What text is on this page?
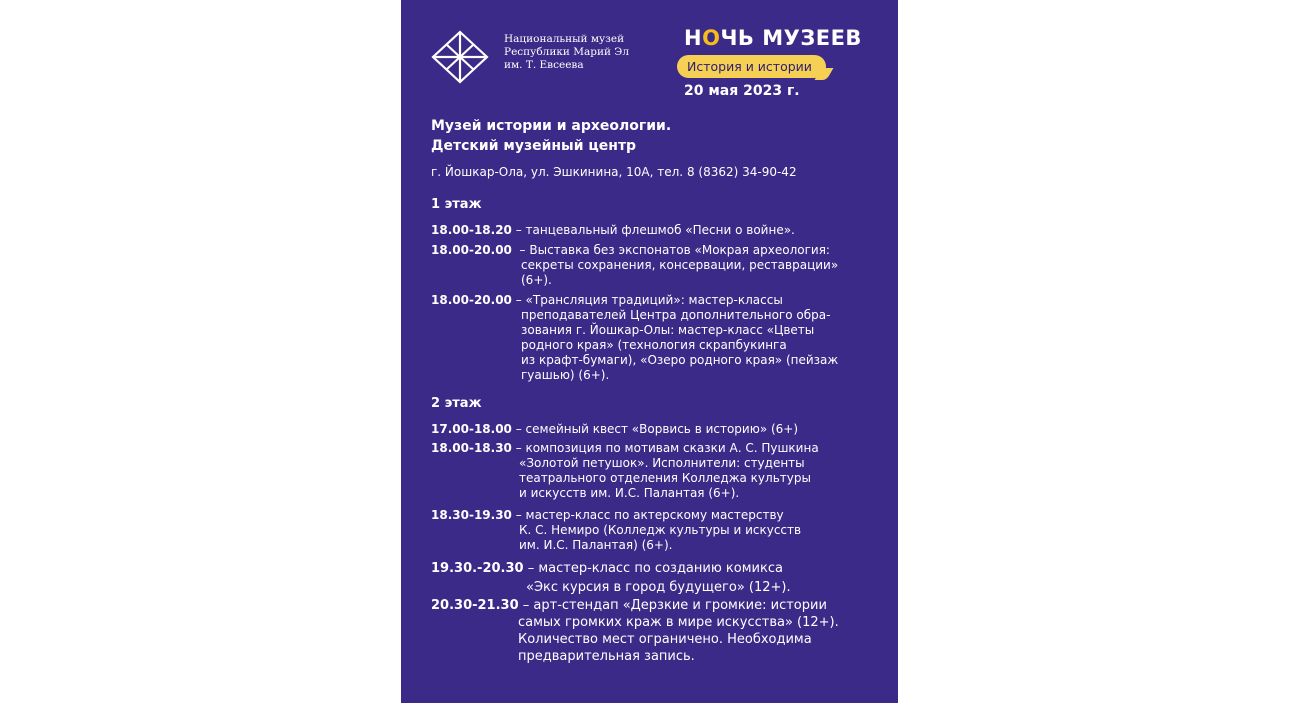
Национальный музей
Республики Марий Эл
им. Т. Евсеева
НОЧЬ МУЗЕЕВ
История и истории
20 мая 2023 г.
Музей истории и археологии.
Детский музейный центр
г. Йошкар-Ола, ул. Эшкинина, 10А, тел. 8 (8362) 34-90-42
1 этаж
18.00-18.20 – танцевальный флешмоб «Песни о войне».
18.00-20.00 – Выставка без экспонатов «Мокрая археология:
секреты сохранения, консервации, реставрации»
(6+).
18.00-20.00 – «Трансляция традиций»: мастер-классы
преподавателей Центра дополнительного обра-
зования г. Йошкар-Олы: мастер-класс «Цветы
родного края» (технология скрапбукинга
из крафт-бумаги), «Озеро родного края» (пейзаж
гуашью) (6+).
2 этаж
17.00-18.00 – семейный квест «Ворвись в историю» (6+)
18.00-18.30 – композиция по мотивам сказки А. С. Пушкина
«Золотой петушок». Исполнители: студенты
театрального отделения Колледжа культуры
и искусств им. И.С. Палантая (6+).
18.30-19.30 – мастер-класс по актерскому мастерству
К. С. Немиро (Колледж культуры и искусств
им. И.С. Палантая) (6+).
19.30.-20.30 – мастер-класс по созданию комикса
«Экс курсия в город будущего» (12+).
20.30-21.30 – арт-стендап «Дерзкие и громкие: истории
самых громких краж в мире искусства» (12+).
Количество мест ограничено. Необходима
предварительная запись.
